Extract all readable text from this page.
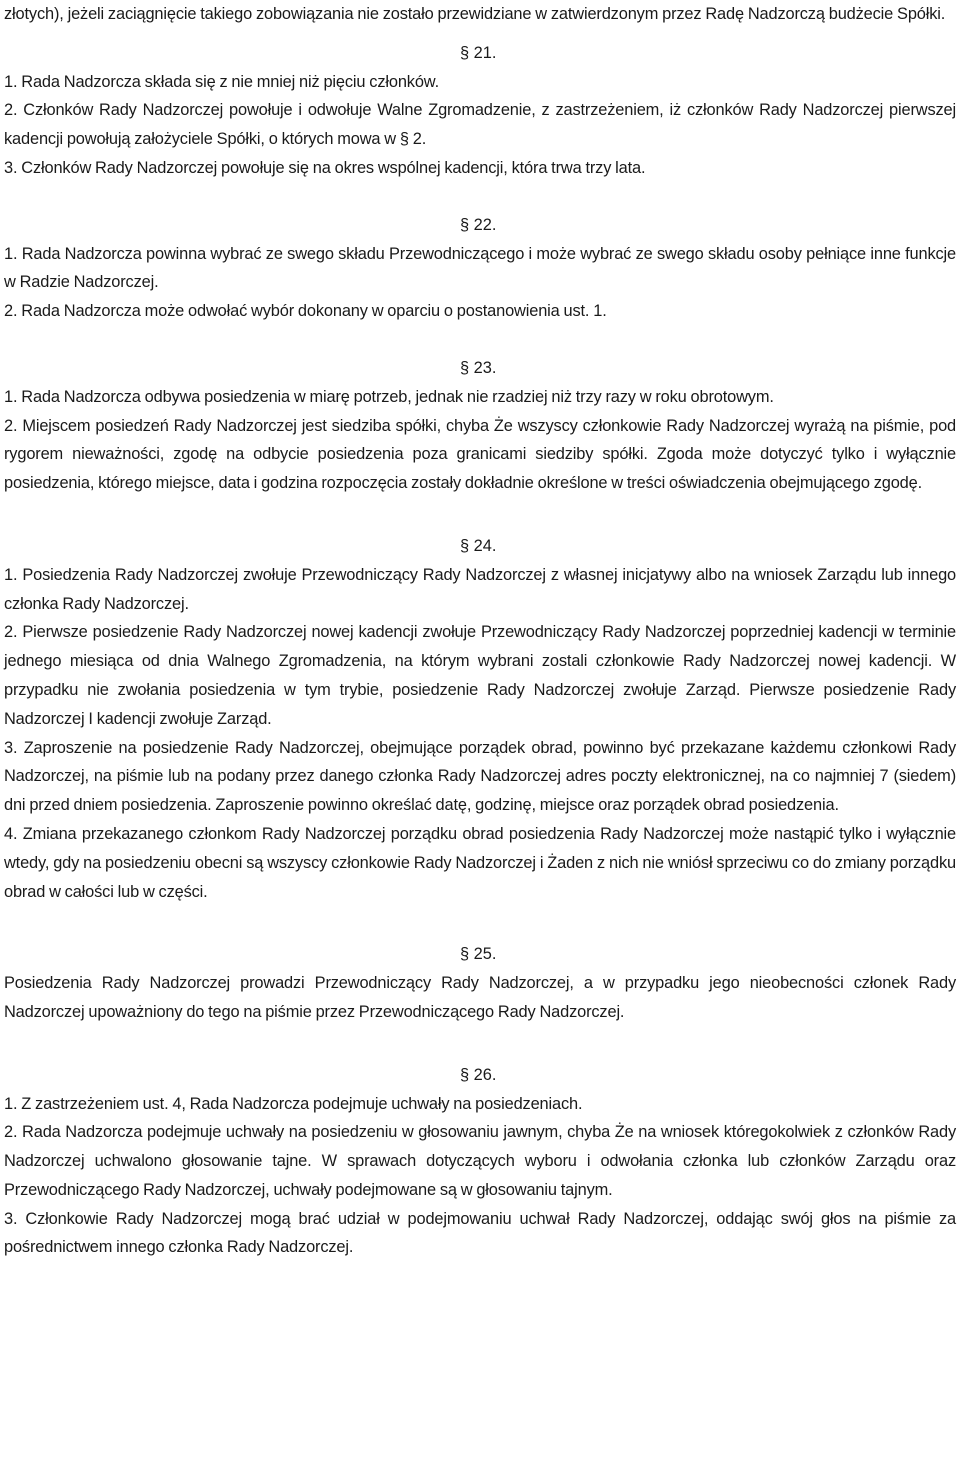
złotych), jeżeli zaciągnięcie takiego zobowiązania nie zostało przewidziane w zatwierdzonym przez Radę Nadzorczą budżecie Spółki.

§ 21.

1. Rada Nadzorcza składa się z nie mniej niż pięciu członków.

2. Członków Rady Nadzorczej powołuje i odwołuje Walne Zgromadzenie, z zastrzeżeniem, iż członków Rady Nadzorczej pierwszej kadencji powołują założyciele Spółki, o których mowa w § 2.

3. Członków Rady Nadzorczej powołuje się na okres wspólnej kadencji, która trwa trzy lata.

§ 22.

1. Rada Nadzorcza powinna wybrać ze swego składu Przewodniczącego i może wybrać ze swego składu osoby pełniące inne funkcje w Radzie Nadzorczej.

2. Rada Nadzorcza może odwołać wybór dokonany w oparciu o postanowienia ust. 1.

§ 23.

1. Rada Nadzorcza odbywa posiedzenia w miarę potrzeb, jednak nie rzadziej niż trzy razy w roku obrotowym.

2. Miejscem posiedzeń Rady Nadzorczej jest siedziba spółki, chyba Że wszyscy członkowie Rady Nadzorczej wyrażą na piśmie, pod rygorem nieważności, zgodę na odbycie posiedzenia poza granicami siedziby spółki. Zgoda może dotyczyć tylko i wyłącznie posiedzenia, którego miejsce, data i godzina rozpoczęcia zostały dokładnie określone w treści oświadczenia obejmującego zgodę.

§ 24.

1. Posiedzenia Rady Nadzorczej zwołuje Przewodniczący Rady Nadzorczej z własnej inicjatywy albo na wniosek Zarządu lub innego członka Rady Nadzorczej.

2. Pierwsze posiedzenie Rady Nadzorczej nowej kadencji zwołuje Przewodniczący Rady Nadzorczej poprzedniej kadencji w terminie jednego miesiąca od dnia Walnego Zgromadzenia, na którym wybrani zostali członkowie Rady Nadzorczej nowej kadencji. W przypadku nie zwołania posiedzenia w tym trybie, posiedzenie Rady Nadzorczej zwołuje Zarząd. Pierwsze posiedzenie Rady Nadzorczej I kadencji zwołuje Zarząd.

3. Zaproszenie na posiedzenie Rady Nadzorczej, obejmujące porządek obrad, powinno być przekazane każdemu członkowi Rady Nadzorczej, na piśmie lub na podany przez danego członka Rady Nadzorczej adres poczty elektronicznej, na co najmniej 7 (siedem) dni przed dniem posiedzenia. Zaproszenie powinno określać datę, godzinę, miejsce oraz porządek obrad posiedzenia.

4. Zmiana przekazanego członkom Rady Nadzorczej porządku obrad posiedzenia Rady Nadzorczej może nastąpić tylko i wyłącznie wtedy, gdy na posiedzeniu obecni są wszyscy członkowie Rady Nadzorczej i Żaden z nich nie wniósł sprzeciwu co do zmiany porządku obrad w całości lub w części.

§ 25.

Posiedzenia Rady Nadzorczej prowadzi Przewodniczący Rady Nadzorczej, a w przypadku jego nieobecności członek Rady Nadzorczej upoważniony do tego na piśmie przez Przewodniczącego Rady Nadzorczej.

§ 26.

1. Z zastrzeżeniem ust. 4, Rada Nadzorcza podejmuje uchwały na posiedzeniach.

2. Rada Nadzorcza podejmuje uchwały na posiedzeniu w głosowaniu jawnym, chyba Że na wniosek któregokolwiek z członków Rady Nadzorczej uchwalono głosowanie tajne. W sprawach dotyczących wyboru i odwołania członka lub członków Zarządu oraz Przewodniczącego Rady Nadzorczej, uchwały podejmowane są w głosowaniu tajnym.

3. Członkowie Rady Nadzorczej mogą brać udział w podejmowaniu uchwał Rady Nadzorczej, oddając swój głos na piśmie za pośrednictwem innego członka Rady Nadzorczej.
